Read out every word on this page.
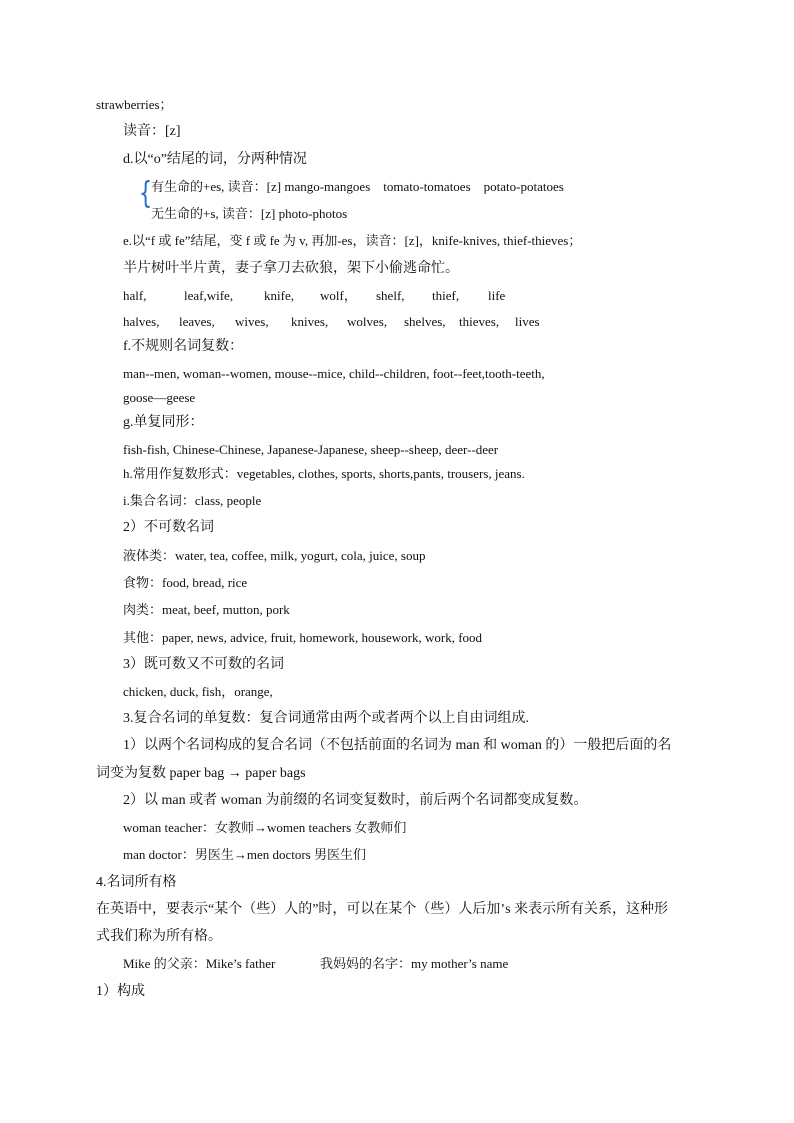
strawberries；
读音：[z]
d.以“o”结尾的词，分两种情况
{
有生命的+es, 读音：[z] mango-mangoes　tomato-tomatoes　potato-potatoes
无生命的+s, 读音：[z] photo-photos
e.以“f 或 fe”结尾，变 f 或 fe 为 v, 再加-es，读音：[z]，knife-knives, thief-thieves；
半片树叶半片黄，妻子拿刀去砍狼，架下小偷逃命忙。
half,	leaf,wife, knife, wolf， shelf, thief, life
halves, leaves, wives, knives, wolves, shelves, thieves, lives
f.不规则名词复数：
man--men, woman--women, mouse--mice, child--children, foot--feet,tooth-teeth,
goose—geese
g.单复同形：
fish-fish, Chinese-Chinese, Japanese-Japanese, sheep--sheep, deer--deer
h.常用作复数形式：vegetables, clothes, sports, shorts,pants, trousers, jeans.
i.集合名词：class, people
2）不可数名词
液体类：water, tea, coffee, milk, yogurt, cola, juice, soup
食物：food, bread, rice
肉类：meat, beef, mutton, pork
其他：paper, news, advice, fruit, homework, housework, work, food
3）既可数又不可数的名词
chicken, duck, fish，orange,
3.复合名词的单复数：复合词通常由两个或者两个以上自由词组成.
1）以两个名词构成的复合名词（不包括前面的名词为 man 和 woman 的）一般把后面的名
词变为复数 paper bag → paper bags
2）以 man 或者 woman 为前缀的名词变复数时，前后两个名词都变成复数。
woman teacher：女教师→women teachers 女教师们
man doctor：男医生→men doctors 男医生们
4.名词所有格
在英语中，要表示“某个（些）人的”时，可以在某个（些）人后加’s 来表示所有关系，这种形
式我们称为所有格。
Mike 的父亲：Mike’s father	我妈妈的名字：my mother’s name
1）构成
